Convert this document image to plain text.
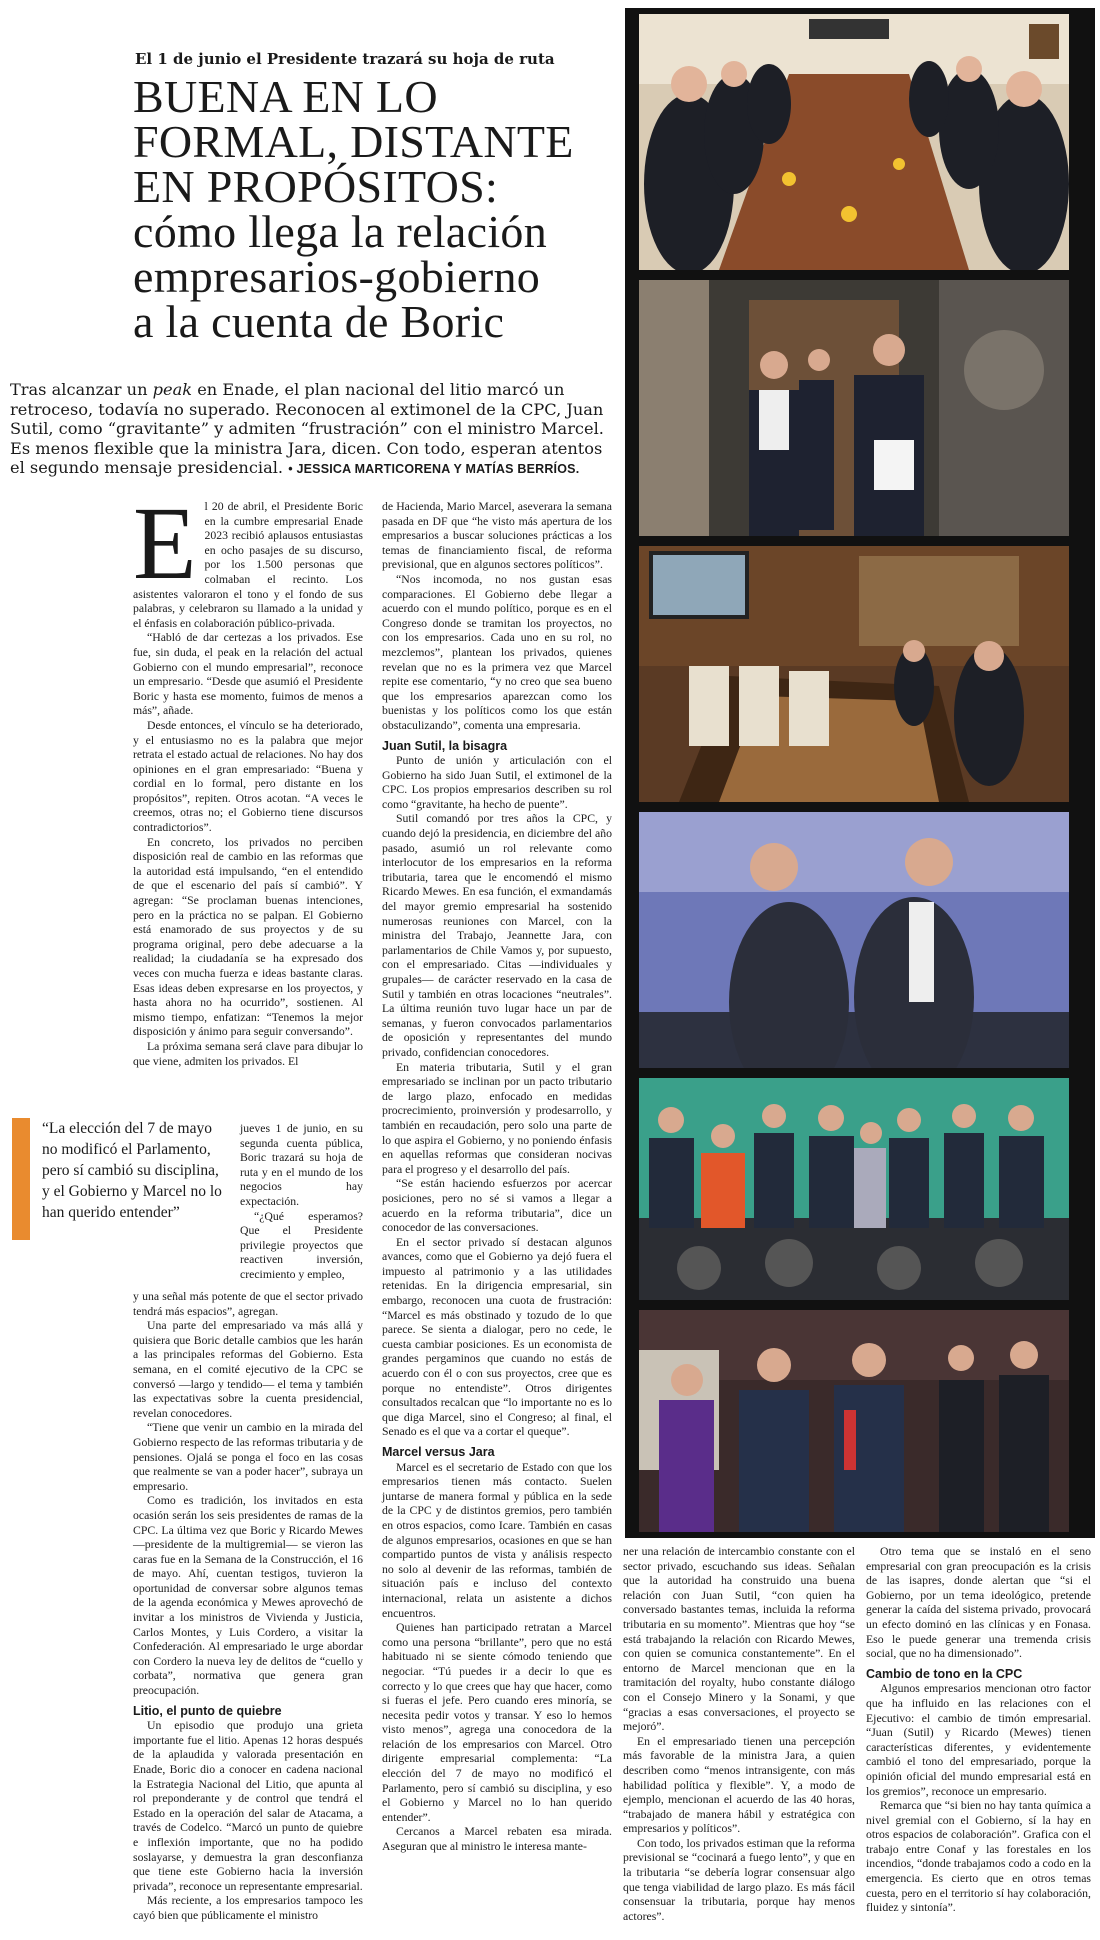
El 1 de junio el Presidente trazará su hoja de ruta
BUENA EN LO
FORMAL, DISTANTE
EN PROPÓSITOS:
cómo llega la relación
empresarios-gobierno
a la cuenta de Boric
Tras alcanzar un peak en Enade, el plan nacional del litio marcó un retroceso, todavía no superado. Reconocen al extimonel de la CPC, Juan Sutil, como “gravitante” y admiten “frustración” con el ministro Marcel. Es menos flexible que la ministra Jara, dicen. Con todo, esperan atentos el segundo mensaje presidencial. • JESSICA MARTICORENA Y MATÍAS BERRÍOS.
E l 20 de abril, el Presidente Boric en la cumbre empresarial Enade 2023 recibió aplausos entusiastas en ocho pasajes de su discurso, por los 1.500 personas que colmaban el recinto. Los asistentes valoraron el tono y el fondo de sus palabras, y celebraron su llamado a la unidad y el énfasis en colaboración público-privada.

“Habló de dar certezas a los privados. Ese fue, sin duda, el peak en la relación del actual Gobierno con el mundo empresarial”, reconoce un empresario. “Desde que asumió el Presidente Boric y hasta ese momento, fuimos de menos a más”, añade.

Desde entonces, el vínculo se ha deteriorado, y el entusiasmo no es la palabra que mejor retrata el estado actual de relaciones. No hay dos opiniones en el gran empresariado: “Buena y cordial en lo formal, pero distante en los propósitos”, repiten. Otros acotan. “A veces le creemos, otras no; el Gobierno tiene discursos contradictorios”.

En concreto, los privados no perciben disposición real de cambio en las reformas que la autoridad está impulsando, “en el entendido de que el escenario del país sí cambió”. Y agregan: “Se proclaman buenas intenciones, pero en la práctica no se palpan. El Gobierno está enamorado de sus proyectos y de su programa original, pero debe adecuarse a la realidad; la ciudadanía se ha expresado dos veces con mucha fuerza e ideas bastante claras. Esas ideas deben expresarse en los proyectos, y hasta ahora no ha ocurrido”, sostienen. Al mismo tiempo, enfatizan: “Tenemos la mejor disposición y ánimo para seguir conversando”.

La próxima semana será clave para dibujar lo que viene, admiten los privados. El

“La elección del 7 de mayo no modificó el Parlamento, pero sí cambió su disciplina, y el Gobierno y Marcel no lo han querido entender”

jueves 1 de junio, en su segunda cuenta pública, Boric trazará su hoja de ruta y en el mundo de los negocios hay expectación.

“¿Qué esperamos? Que el Presidente privilegie proyectos que reactiven inversión, crecimiento y empleo,

y una señal más potente de que el sector privado tendrá más espacios”, agregan.

Una parte del empresariado va más allá y quisiera que Boric detalle cambios que les harán a las principales reformas del Gobierno. Esta semana, en el comité ejecutivo de la CPC se conversó —largo y tendido— el tema y también las expectativas sobre la cuenta presidencial, revelan conocedores.

“Tiene que venir un cambio en la mirada del Gobierno respecto de las reformas tributaria y de pensiones. Ojalá se ponga el foco en las cosas que realmente se van a poder hacer”, subraya un empresario.

Como es tradición, los invitados en esta ocasión serán los seis presidentes de ramas de la CPC. La última vez que Boric y Ricardo Mewes —presidente de la multigremial— se vieron las caras fue en la Semana de la Construcción, el 16 de mayo. Ahí, cuentan testigos, tuvieron la oportunidad de conversar sobre algunos temas de la agenda económica y Mewes aprovechó de invitar a los ministros de Vivienda y Justicia, Carlos Montes, y Luis Cordero, a visitar la Confederación. Al empresariado le urge abordar con Cordero la nueva ley de delitos de “cuello y corbata”, normativa que genera gran preocupación.

Litio, el punto de quiebre

Un episodio que produjo una grieta importante fue el litio. Apenas 12 horas después de la aplaudida y valorada presentación en Enade, Boric dio a conocer en cadena nacional la Estrategia Nacional del Litio, que apunta al rol preponderante y de control que tendrá el Estado en la operación del salar de Atacama, a través de Codelco. “Marcó un punto de quiebre e inflexión importante, que no ha podido soslayarse, y demuestra la gran desconfianza que tiene este Gobierno hacia la inversión privada”, reconoce un representante empresarial.

Más reciente, a los empresarios tampoco les cayó bien que públicamente el ministro

de Hacienda, Mario Marcel, aseverara la semana pasada en DF que “he visto más apertura de los empresarios a buscar soluciones prácticas a los temas de financiamiento fiscal, de reforma previsional, que en algunos sectores políticos”.

“Nos incomoda, no nos gustan esas comparaciones. El Gobierno debe llegar a acuerdo con el mundo político, porque es en el Congreso donde se tramitan los proyectos, no con los empresarios. Cada uno en su rol, no mezclemos”, plantean los privados, quienes revelan que no es la primera vez que Marcel repite ese comentario, “y no creo que sea bueno que los empresarios aparezcan como los buenistas y los políticos como los que están obstaculizando”, comenta una empresaria.

Juan Sutil, la bisagra

Punto de unión y articulación con el Gobierno ha sido Juan Sutil, el extimonel de la CPC. Los propios empresarios describen su rol como “gravitante, ha hecho de puente”.

Sutil comandó por tres años la CPC, y cuando dejó la presidencia, en diciembre del año pasado, asumió un rol relevante como interlocutor de los empresarios en la reforma tributaria, tarea que le encomendó el mismo Ricardo Mewes. En esa función, el exmandamás del mayor gremio empresarial ha sostenido numerosas reuniones con Marcel, con la ministra del Trabajo, Jeannette Jara, con parlamentarios de Chile Vamos y, por supuesto, con el empresariado. Citas —individuales y grupales— de carácter reservado en la casa de Sutil y también en otras locaciones “neutrales”. La última reunión tuvo lugar hace un par de semanas, y fueron convocados parlamentarios de oposición y representantes del mundo privado, confidencian conocedores.

En materia tributaria, Sutil y el gran empresariado se inclinan por un pacto tributario de largo plazo, enfocado en medidas procrecimiento, proinversión y prodesarrollo, y también en recaudación, pero solo una parte de lo que aspira el Gobierno, y no poniendo énfasis en aquellas reformas que consideran nocivas para el progreso y el desarrollo del país.

“Se están haciendo esfuerzos por acercar posiciones, pero no sé si vamos a llegar a acuerdo en la reforma tributaria”, dice un conocedor de las conversaciones.

En el sector privado sí destacan algunos avances, como que el Gobierno ya dejó fuera el impuesto al patrimonio y a las utilidades retenidas. En la dirigencia empresarial, sin embargo, reconocen una cuota de frustración: “Marcel es más obstinado y tozudo de lo que parece. Se sienta a dialogar, pero no cede, le cuesta cambiar posiciones. Es un economista de grandes pergaminos que cuando no estás de acuerdo con él o con sus proyectos, cree que es porque no entendiste”. Otros dirigentes consultados recalcan que “lo importante no es lo que diga Marcel, sino el Congreso; al final, el Senado es el que va a cortar el queque”.

Marcel versus Jara

Marcel es el secretario de Estado con que los empresarios tienen más contacto. Suelen juntarse de manera formal y pública en la sede de la CPC y de distintos gremios, pero también en otros espacios, como Icare. También en casas de algunos empresarios, ocasiones en que se han compartido puntos de vista y análisis respecto no solo al devenir de las reformas, también de situación país e incluso del contexto internacional, relata un asistente a dichos encuentros.

Quienes han participado retratan a Marcel como una persona “brillante”, pero que no está habituado ni se siente cómodo teniendo que negociar. “Tú puedes ir a decir lo que es correcto y lo que crees que hay que hacer, como si fueras el jefe. Pero cuando eres minoría, se necesita pedir votos y transar. Y eso lo hemos visto menos”, agrega una conocedora de la relación de los empresarios con Marcel. Otro dirigente empresarial complementa: “La elección del 7 de mayo no modificó el Parlamento, pero sí cambió su disciplina, y eso el Gobierno y Marcel no lo han querido entender”.

Cercanos a Marcel rebaten esa mirada. Aseguran que al ministro le interesa mante-

ner una relación de intercambio constante con el sector privado, escuchando sus ideas. Señalan que la autoridad ha construido una buena relación con Juan Sutil, “con quien ha conversado bastantes temas, incluida la reforma tributaria en su momento”. Mientras que hoy “se está trabajando la relación con Ricardo Mewes, con quien se comunica constantemente”. En el entorno de Marcel mencionan que en la tramitación del royalty, hubo constante diálogo con el Consejo Minero y la Sonami, y que “gracias a esas conversaciones, el proyecto se mejoró”.

En el empresariado tienen una percepción más favorable de la ministra Jara, a quien describen como “menos intransigente, con más habilidad política y flexible”. Y, a modo de ejemplo, mencionan el acuerdo de las 40 horas, “trabajado de manera hábil y estratégica con empresarios y políticos”.

Con todo, los privados estiman que la reforma previsional se “cocinará a fuego lento”, y que en la tributaria “se debería lograr consensuar algo que tenga viabilidad de largo plazo. Es más fácil consensuar la tributaria, porque hay menos actores”.

Otro tema que se instaló en el seno empresarial con gran preocupación es la crisis de las isapres, donde alertan que “si el Gobierno, por un tema ideológico, pretende generar la caída del sistema privado, provocará un efecto dominó en las clínicas y en Fonasa. Eso le puede generar una tremenda crisis social, que no ha dimensionado”.

Cambio de tono en la CPC

Algunos empresarios mencionan otro factor que ha influido en las relaciones con el Ejecutivo: el cambio de timón empresarial. “Juan (Sutil) y Ricardo (Mewes) tienen características diferentes, y evidentemente cambió el tono del empresariado, porque la opinión oficial del mundo empresarial está en los gremios”, reconoce un empresario.

Remarca que “si bien no hay tanta química a nivel gremial con el Gobierno, sí la hay en otros espacios de colaboración”. Grafica con el trabajo entre Conaf y las forestales en los incendios, “donde trabajamos codo a codo en la emergencia. Es cierto que en otros temas cuesta, pero en el territorio sí hay colaboración, fluidez y sintonía”.
